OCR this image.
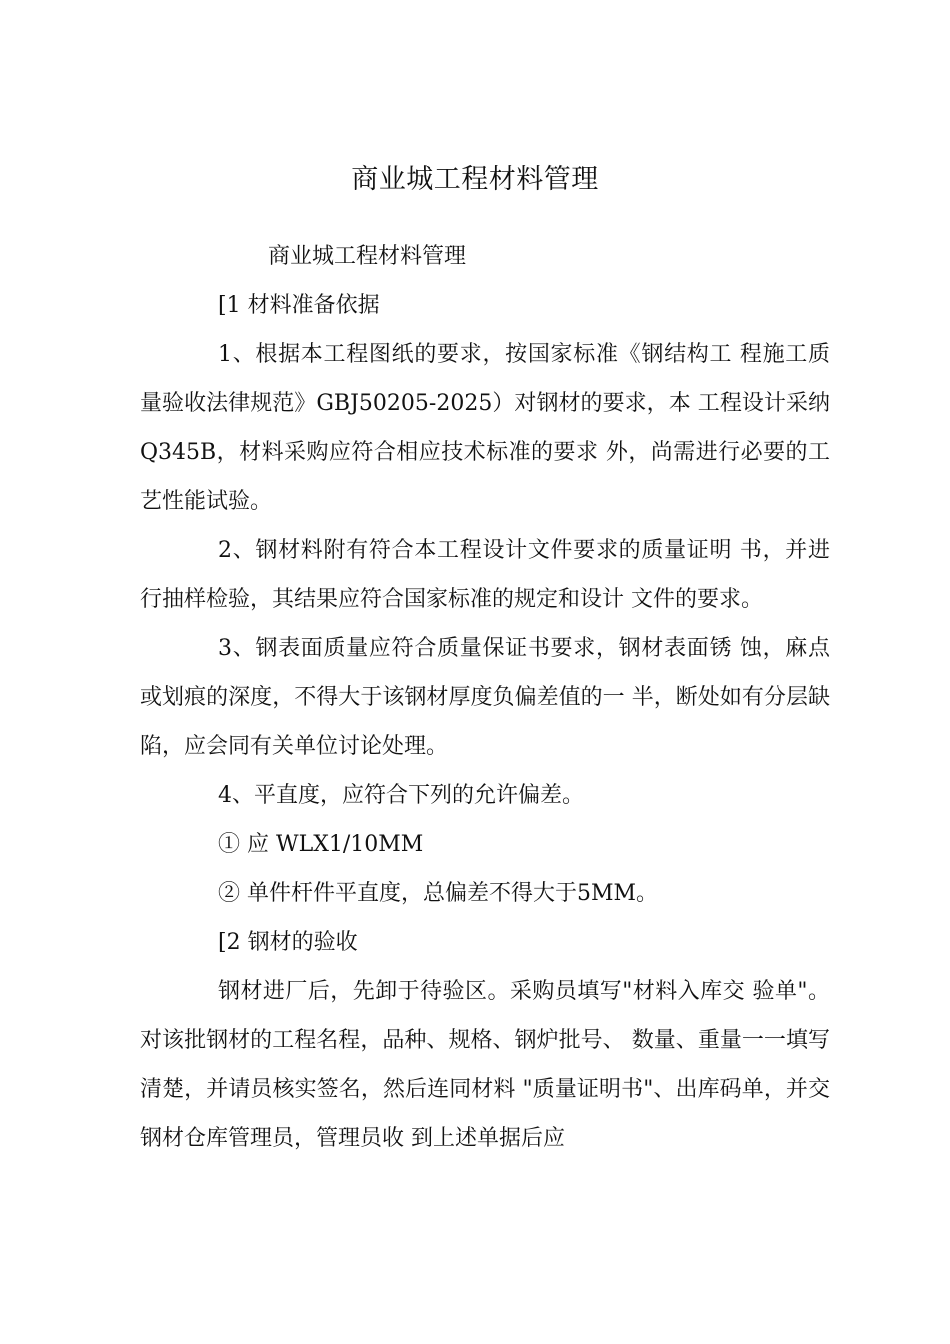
商业城工程材料管理

商业城工程材料管理

[1 材料准备依据

1、根据本工程图纸的要求，按国家标准《钢结构工 程施工质量验收法律规范》GBJ50205-2025）对钢材的要求，本 工程设计采纳Q345B，材料采购应符合相应技术标准的要求 外，尚需进行必要的工艺性能试验。

2、钢材料附有符合本工程设计文件要求的质量证明 书，并进行抽样检验，其结果应符合国家标准的规定和设计 文件的要求。

3、钢表面质量应符合质量保证书要求，钢材表面锈 蚀，麻点或划痕的深度，不得大于该钢材厚度负偏差值的一 半，断处如有分层缺陷，应会同有关单位讨论处理。

4、平直度，应符合下列的允许偏差。

① 应 WLX1/10MM

② 单件杆件平直度，总偏差不得大于5MM。

[2 钢材的验收

钢材进厂后，先卸于待验区。采购员填写"材料入库交 验单"。对该批钢材的工程名程，品种、规格、钢炉批号、 数量、重量一一填写清楚，并请员核实签名，然后连同材料 "质量证明书"、出库码单，并交钢材仓库管理员，管理员收 到上述单据后应
